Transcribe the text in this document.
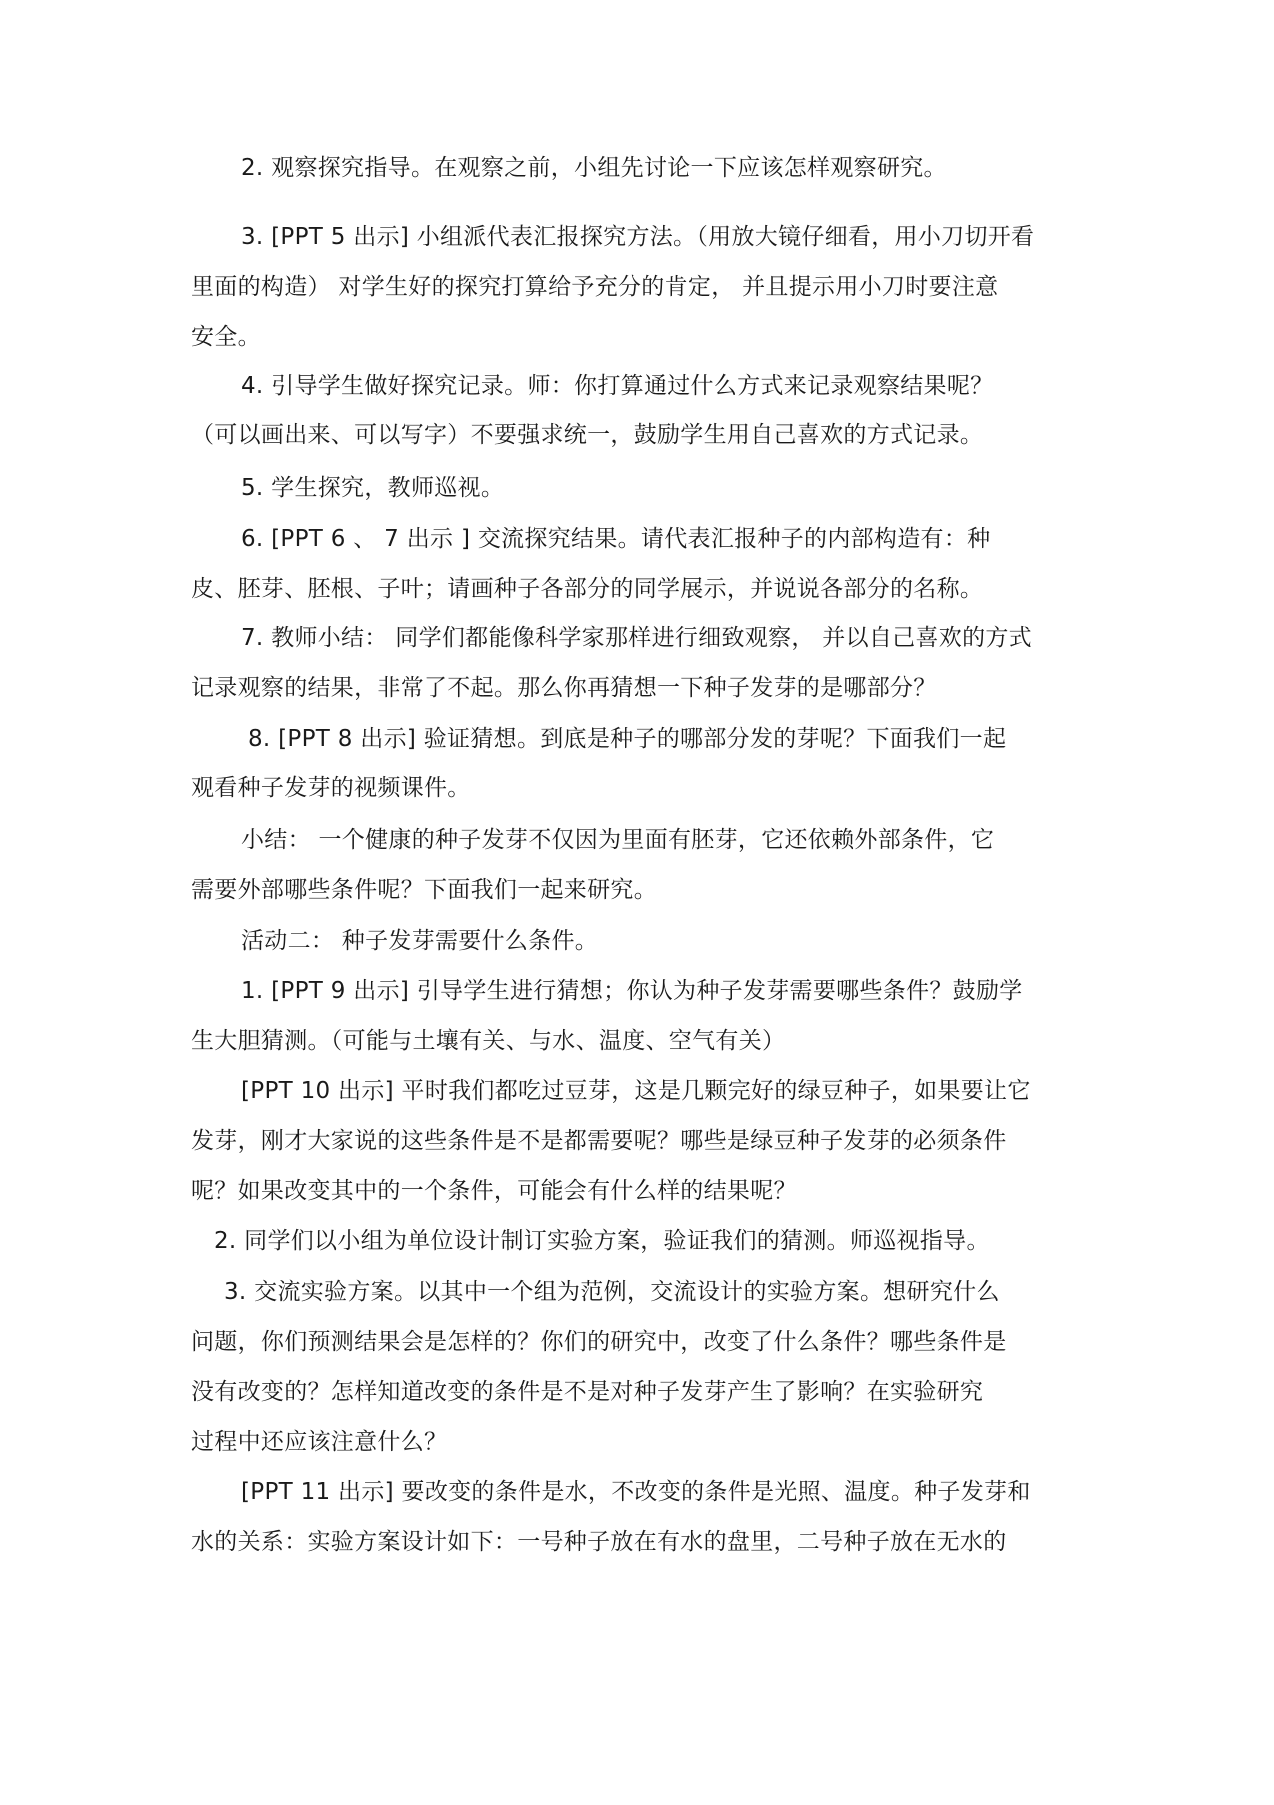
2. 观察探究指导。在观察之前，小组先讨论一下应该怎样观察研究。
3. [PPT 5 出示] 小组派代表汇报探究方法。（用放大镜仔细看，用小刀切开看
里面的构造） 对学生好的探究打算给予充分的肯定， 并且提示用小刀时要注意
安全。
4. 引导学生做好探究记录。师：你打算通过什么方式来记录观察结果呢？
（可以画出来、可以写字）不要强求统一，鼓励学生用自己喜欢的方式记录。
5. 学生探究，教师巡视。
6. [PPT 6 、 7 出示 ] 交流探究结果。请代表汇报种子的内部构造有：种
皮、胚芽、胚根、子叶；请画种子各部分的同学展示，并说说各部分的名称。
7. 教师小结： 同学们都能像科学家那样进行细致观察， 并以自己喜欢的方式
记录观察的结果，非常了不起。那么你再猜想一下种子发芽的是哪部分？
8. [PPT 8 出示] 验证猜想。到底是种子的哪部分发的芽呢？下面我们一起
观看种子发芽的视频课件。
小结： 一个健康的种子发芽不仅因为里面有胚芽，它还依赖外部条件，它
需要外部哪些条件呢？下面我们一起来研究。
活动二： 种子发芽需要什么条件。
1. [PPT 9 出示] 引导学生进行猜想；你认为种子发芽需要哪些条件？鼓励学
生大胆猜测。（可能与土壤有关、与水、温度、空气有关）
[PPT 10 出示] 平时我们都吃过豆芽，这是几颗完好的绿豆种子，如果要让它
发芽，刚才大家说的这些条件是不是都需要呢？哪些是绿豆种子发芽的必须条件
呢？如果改变其中的一个条件，可能会有什么样的结果呢？
2. 同学们以小组为单位设计制订实验方案，验证我们的猜测。师巡视指导。
3. 交流实验方案。以其中一个组为范例，交流设计的实验方案。想研究什么
问题，你们预测结果会是怎样的？你们的研究中，改变了什么条件？哪些条件是
没有改变的？怎样知道改变的条件是不是对种子发芽产生了影响？在实验研究
过程中还应该注意什么？
[PPT 11 出示] 要改变的条件是水，不改变的条件是光照、温度。种子发芽和
水的关系：实验方案设计如下：一号种子放在有水的盘里，二号种子放在无水的
